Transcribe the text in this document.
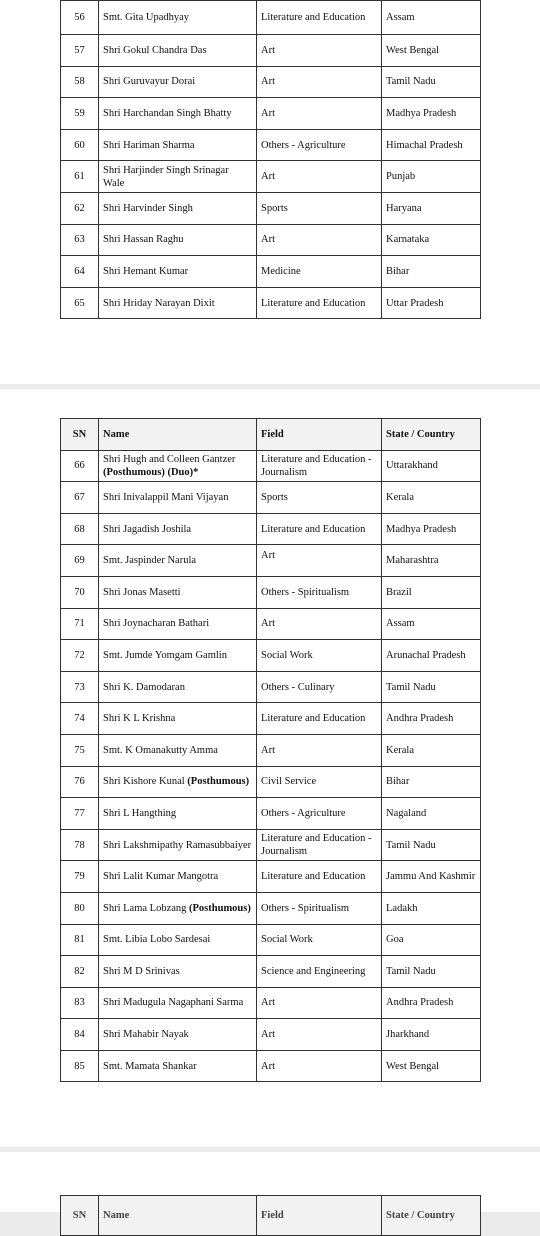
56	Smt. Gita Upadhyay	Literature and Education	Assam
57	Shri Gokul Chandra Das	Art	West Bengal
58	Shri Guruvayur Dorai	Art	Tamil Nadu
59	Shri Harchandan Singh Bhatty	Art	Madhya Pradesh
60	Shri Hariman Sharma	Others - Agriculture	Himachal Pradesh
61	Shri Harjinder Singh Srinagar Wale	Art	Punjab
62	Shri Harvinder Singh	Sports	Haryana
63	Shri Hassan Raghu	Art	Karnataka
64	Shri Hemant Kumar	Medicine	Bihar
65	Shri Hriday Narayan Dixit	Literature and Education	Uttar Pradesh
SN	Name	Field	State / Country
66	Shri Hugh and Colleen Gantzer (Posthumous) (Duo)*	Literature and Education - Journalism	Uttarakhand
67	Shri Inivalappil Mani Vijayan	Sports	Kerala
68	Shri Jagadish Joshila	Literature and Education	Madhya Pradesh
69	Smt. Jaspinder Narula	Art	Maharashtra
70	Shri Jonas Masetti	Others - Spiritualism	Brazil
71	Shri Joynacharan Bathari	Art	Assam
72	Smt. Jumde Yomgam Gamlin	Social Work	Arunachal Pradesh
73	Shri K. Damodaran	Others - Culinary	Tamil Nadu
74	Shri K L Krishna	Literature and Education	Andhra Pradesh
75	Smt. K Omanakutty Amma	Art	Kerala
76	Shri Kishore Kunal (Posthumous)	Civil Service	Bihar
77	Shri L Hangthing	Others - Agriculture	Nagaland
78	Shri Lakshmipathy Ramasubbaiyer	Literature and Education - Journalism	Tamil Nadu
79	Shri Lalit Kumar Mangotra	Literature and Education	Jammu And Kashmir
80	Shri Lama Lobzang (Posthumous)	Others - Spiritualism	Ladakh
81	Smt. Libia Lobo Sardesai	Social Work	Goa
82	Shri M D Srinivas	Science and Engineering	Tamil Nadu
83	Shri Madugula Nagaphani Sarma	Art	Andhra Pradesh
84	Shri Mahabir Nayak	Art	Jharkhand
85	Smt. Mamata Shankar	Art	West Bengal
SN	Name	Field	State / Country
